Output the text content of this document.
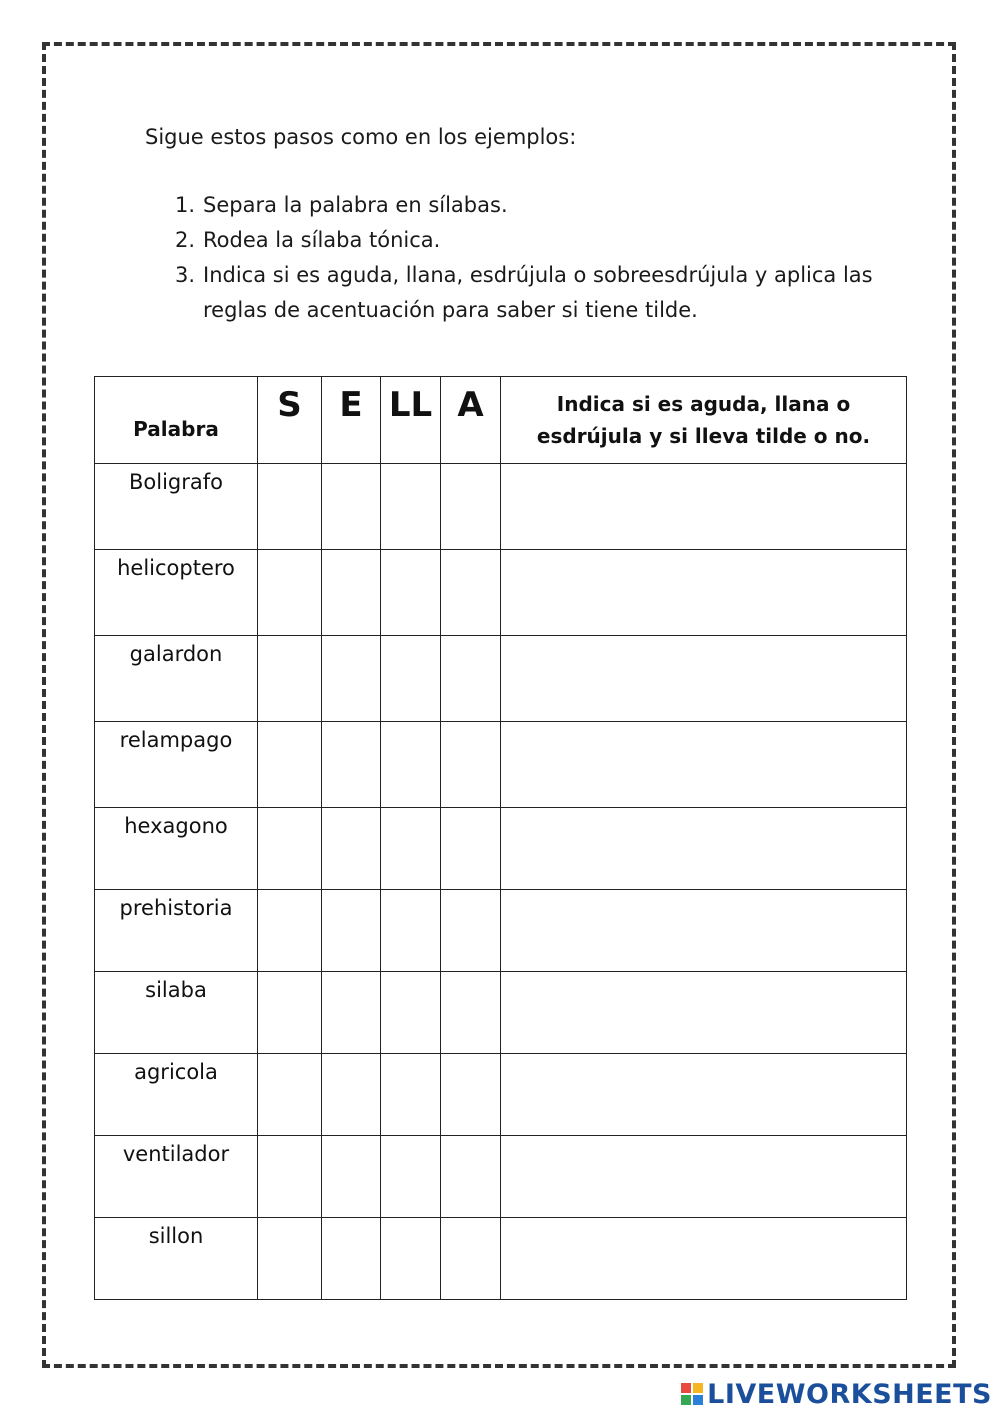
Sigue estos pasos como en los ejemplos:

1. Separa la palabra en sílabas.
2. Rodea la sílaba tónica.
3. Indica si es aguda, llana, esdrújula o sobreesdrújula y aplica las reglas de acentuación para saber si tiene tilde.
Palabra	S	E	LL	A	Indica si es aguda, llana o
esdrújula y si lleva tilde o no.

Boligrafo					
helicoptero					
galardon					
relampago					
hexagono					
prehistoria					
silaba					
agricola					
ventilador					
sillon					
LIVEWORKSHEETS
